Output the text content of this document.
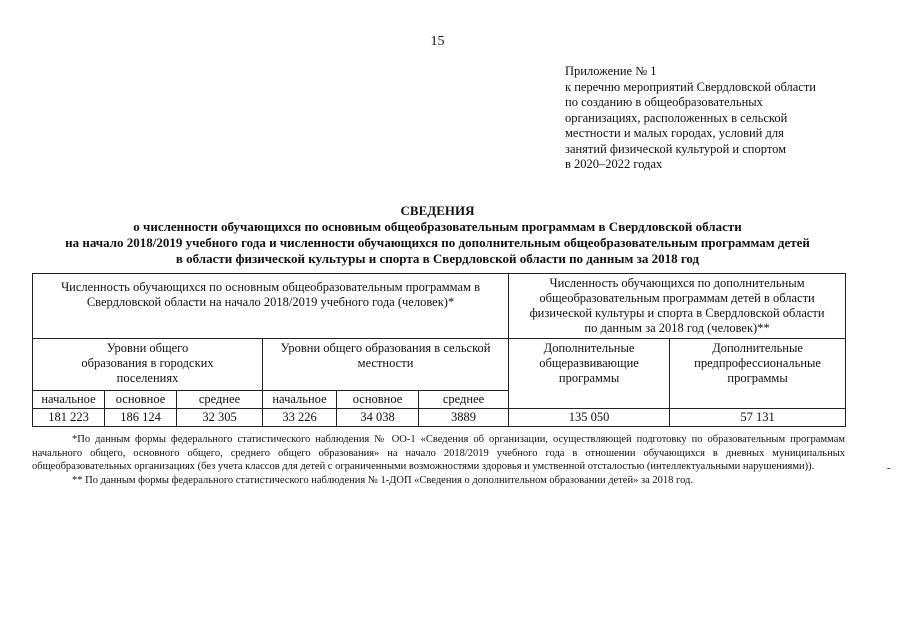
15
Приложение № 1
к перечню мероприятий Свердловской области
по созданию в общеобразовательных
организациях, расположенных в сельской
местности и малых городах, условий для
занятий физической культурой и спортом
в 2020–2022 годах
СВЕДЕНИЯ
о численности обучающихся по основным общеобразовательным программам в Свердловской области
на начало 2018/2019 учебного года и численности обучающихся по дополнительным общеобразовательным программам детей
в области физической культуры и спорта в Свердловской области по данным за 2018 год
Численность обучающихся по основным общеобразовательным программам в Свердловской области на начало 2018/2019 учебного года (человек)*						Численность обучающихся по дополнительным общеобразовательным программам детей в области физической культуры и спорта в Свердловской области по данным за 2018 год (человек)**	
Уровни общего образования в городских поселениях			Уровни общего образования в сельской местности			Дополнительные общеразвивающие программы	Дополнительные предпрофессиональные программы
начальное	основное	среднее	начальное	основное	среднее		
181 223	186 124	32 305	33 226	34 038	3889	135 050	57 131
*По данным формы федерального статистического наблюдения № ОО-1 «Сведения об организации, осуществляющей подготовку по образовательным программам начального общего, основного общего, среднего общего образования» на начало 2018/2019 учебного года в отношении обучающихся в дневных муниципальных общеобразовательных организациях (без учета классов для детей с ограниченными возможностями здоровья и умственной отсталостью (интеллектуальными нарушениями)).
** По данным формы федерального статистического наблюдения № 1-ДОП «Сведения о дополнительном образовании детей» за 2018 год.
-
